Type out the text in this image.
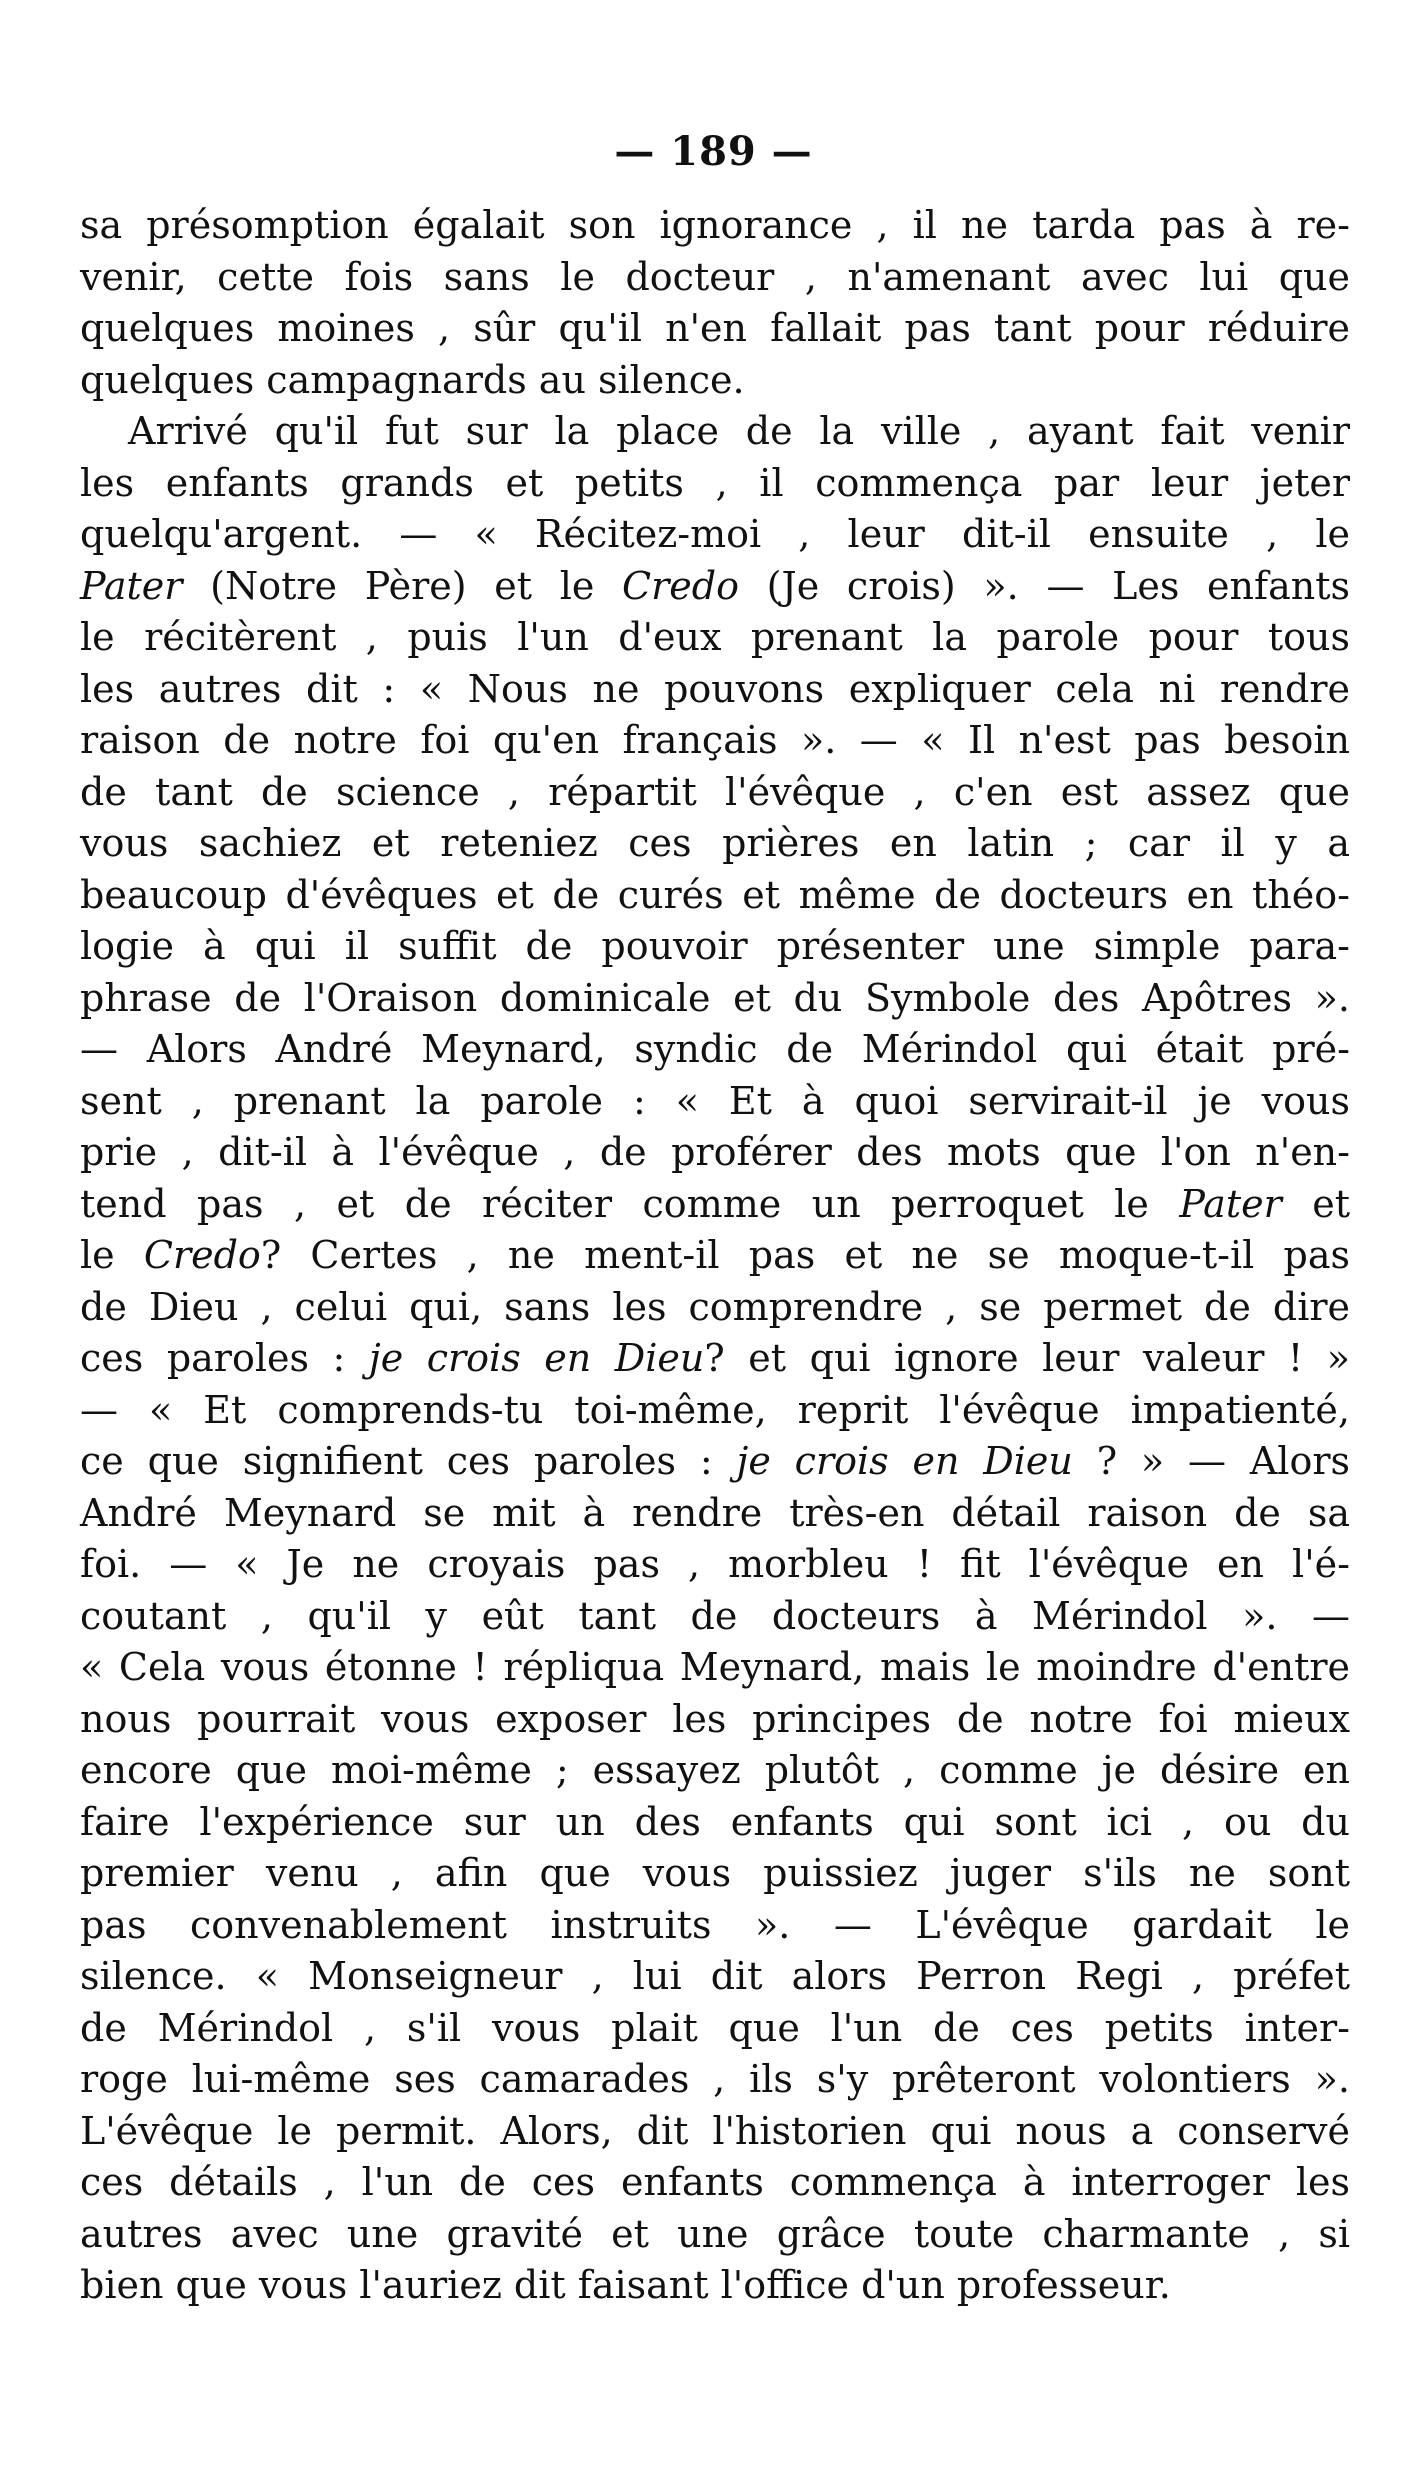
— 189 —
sa présomption égalait son ignorance , il ne tarda pas à re-
venir, cette fois sans le docteur , n'amenant avec lui que
quelques moines , sûr qu'il n'en fallait pas tant pour réduire
quelques campagnards au silence.
Arrivé qu'il fut sur la place de la ville , ayant fait venir
les enfants grands et petits , il commença par leur jeter
quelqu'argent. — « Récitez-moi , leur dit-il ensuite , le
Pater (Notre Père) et le Credo (Je crois) ». — Les enfants
le récitèrent , puis l'un d'eux prenant la parole pour tous
les autres dit : « Nous ne pouvons expliquer cela ni rendre
raison de notre foi qu'en français ». — « Il n'est pas besoin
de tant de science , répartit l'évêque , c'en est assez que
vous sachiez et reteniez ces prières en latin ; car il y a
beaucoup d'évêques et de curés et même de docteurs en théo-
logie à qui il suffit de pouvoir présenter une simple para-
phrase de l'Oraison dominicale et du Symbole des Apôtres ».
— Alors André Meynard, syndic de Mérindol qui était pré-
sent , prenant la parole : « Et à quoi servirait-il je vous
prie , dit-il à l'évêque , de proférer des mots que l'on n'en-
tend pas , et de réciter comme un perroquet le Pater et
le Credo? Certes , ne ment-il pas et ne se moque-t-il pas
de Dieu , celui qui, sans les comprendre , se permet de dire
ces paroles : je crois en Dieu? et qui ignore leur valeur ! »
— « Et comprends-tu toi-même, reprit l'évêque impatienté,
ce que signifient ces paroles : je crois en Dieu ? » — Alors
André Meynard se mit à rendre très-en détail raison de sa
foi. — « Je ne croyais pas , morbleu ! fit l'évêque en l'é-
coutant , qu'il y eût tant de docteurs à Mérindol ». —
« Cela vous étonne ! répliqua Meynard, mais le moindre d'entre
nous pourrait vous exposer les principes de notre foi mieux
encore que moi-même ; essayez plutôt , comme je désire en
faire l'expérience sur un des enfants qui sont ici , ou du
premier venu , afin que vous puissiez juger s'ils ne sont
pas convenablement instruits ». — L'évêque gardait le
silence. « Monseigneur , lui dit alors Perron Regi , préfet
de Mérindol , s'il vous plait que l'un de ces petits inter-
roge lui-même ses camarades , ils s'y prêteront volontiers ».
L'évêque le permit. Alors, dit l'historien qui nous a conservé
ces détails , l'un de ces enfants commença à interroger les
autres avec une gravité et une grâce toute charmante , si
bien que vous l'auriez dit faisant l'office d'un professeur.
